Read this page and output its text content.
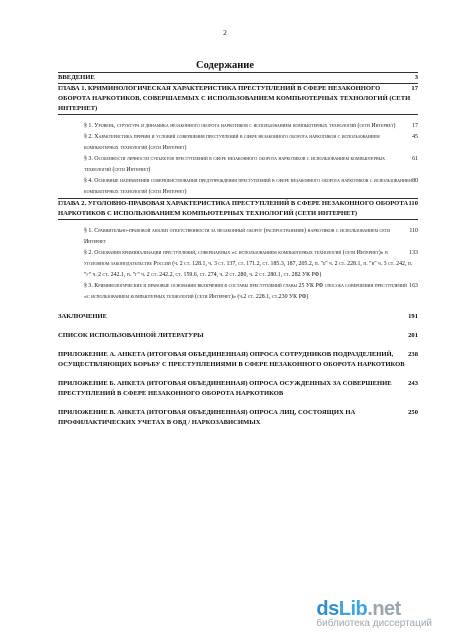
2
Содержание
3
ВВЕДЕНИЕ
17
ГЛАВА 1. КРИМИНОЛОГИЧЕСКАЯ ХАРАКТЕРИСТИКА ПРЕСТУПЛЕНИЙ В СФЕРЕ НЕЗАКОННОГО ОБОРОТА НАРКОТИКОВ, СОВЕРШАЕМЫХ С ИСПОЛЬЗОВАНИЕМ КОМПЬЮТЕРНЫХ ТЕХНОЛОГИЙ (СЕТИ ИНТЕРНЕТ)
17
§ 1. Уровень, структура и динамика незаконного оборота наркотиков с использованием компьютерных технологий (сети Интернет)
45
§ 2. Характеристика причин и условий совершения преступлений в сфере незаконного оборота наркотиков с использованием компьютерных технологий (сети Интернет)
61
§ 3. Особенности личности субъектов преступлений в сфере незаконного оборота наркотиков с использованием компьютерных технологий (сети Интернет)
80
§ 4. Основные направления совершенствования предупреждения преступлений в сфере незаконного оборота наркотиков с использованием компьютерных технологий (сети Интернет)
110
ГЛАВА 2. УГОЛОВНО-ПРАВОВАЯ ХАРАКТЕРИСТИКА ПРЕСТУПЛЕНИЙ В СФЕРЕ НЕЗАКОННОГО ОБОРОТА НАРКОТИКОВ С ИСПОЛЬЗОВАНИЕМ КОМПЬЮТЕРНЫХ ТЕХНОЛОГИЙ (СЕТИ ИНТЕРНЕТ)
110
§ 1. Сравнительно-правовой анализ ответственности за незаконный оборот (распространение) наркотиков с использованием сети Интернет
133
§ 2. Основания криминализации преступлений, совершаемых «с использованием компьютерных технологий (сети Интернет)» в уголовном законодательстве России (ч. 2 ст. 128.1, ч. 3 ст. 137, ст. 171.2, ст. 185.3, 187, 205.2, п. "б" ч. 2 ст. 228.1, п. "в" ч. 3 ст. 242, п. "г" ч. 2 ст. 242.1, п. "г" ч. 2 ст. 242.2, ст. 159.6, ст. 274, ч. 2 ст. 280, ч. 2 ст. 280.1, ст. 282 УК РФ)
163
§ 3. Криминологические и правовые основания включения в составы преступлений главы 25 УК РФ способа совершения преступлений «с использованием компьютерных технологий (сети Интернет)» (ч.2 ст. 228.1, ст.230 УК РФ)
191
ЗАКЛЮЧЕНИЕ
201
СПИСОК ИСПОЛЬЗОВАННОЙ ЛИТЕРАТУРЫ
238
ПРИЛОЖЕНИЕ А. АНКЕТА (ИТОГОВАЯ ОБЪЕДИНЕННАЯ) ОПРОСА СОТРУДНИКОВ ПОДРАЗДЕЛЕНИЙ, ОСУЩЕСТВЛЯЮЩИХ БОРЬБУ С ПРЕСТУПЛЕНИЯМИ В СФЕРЕ НЕЗАКОННОГО ОБОРОТА НАРКОТИКОВ
243
ПРИЛОЖЕНИЕ Б. АНКЕТА (ИТОГОВАЯ ОБЪЕДИНЕННАЯ) ОПРОСА ОСУЖДЕННЫХ ЗА СОВЕРШЕНИЕ ПРЕСТУПЛЕНИЙ В СФЕРЕ НЕЗАКОННОГО ОБОРОТА НАРКОТИКОВ
250
ПРИЛОЖЕНИЕ В. АНКЕТА (ИТОГОВАЯ ОБЪЕДИНЕННАЯ) ОПРОСА ЛИЦ, СОСТОЯЩИХ НА ПРОФИЛАКТИЧЕСКИХ УЧЕТАХ В ОВД / НАРКОЗАВИСИМЫХ
dsLib.net
библиотека диссертаций
